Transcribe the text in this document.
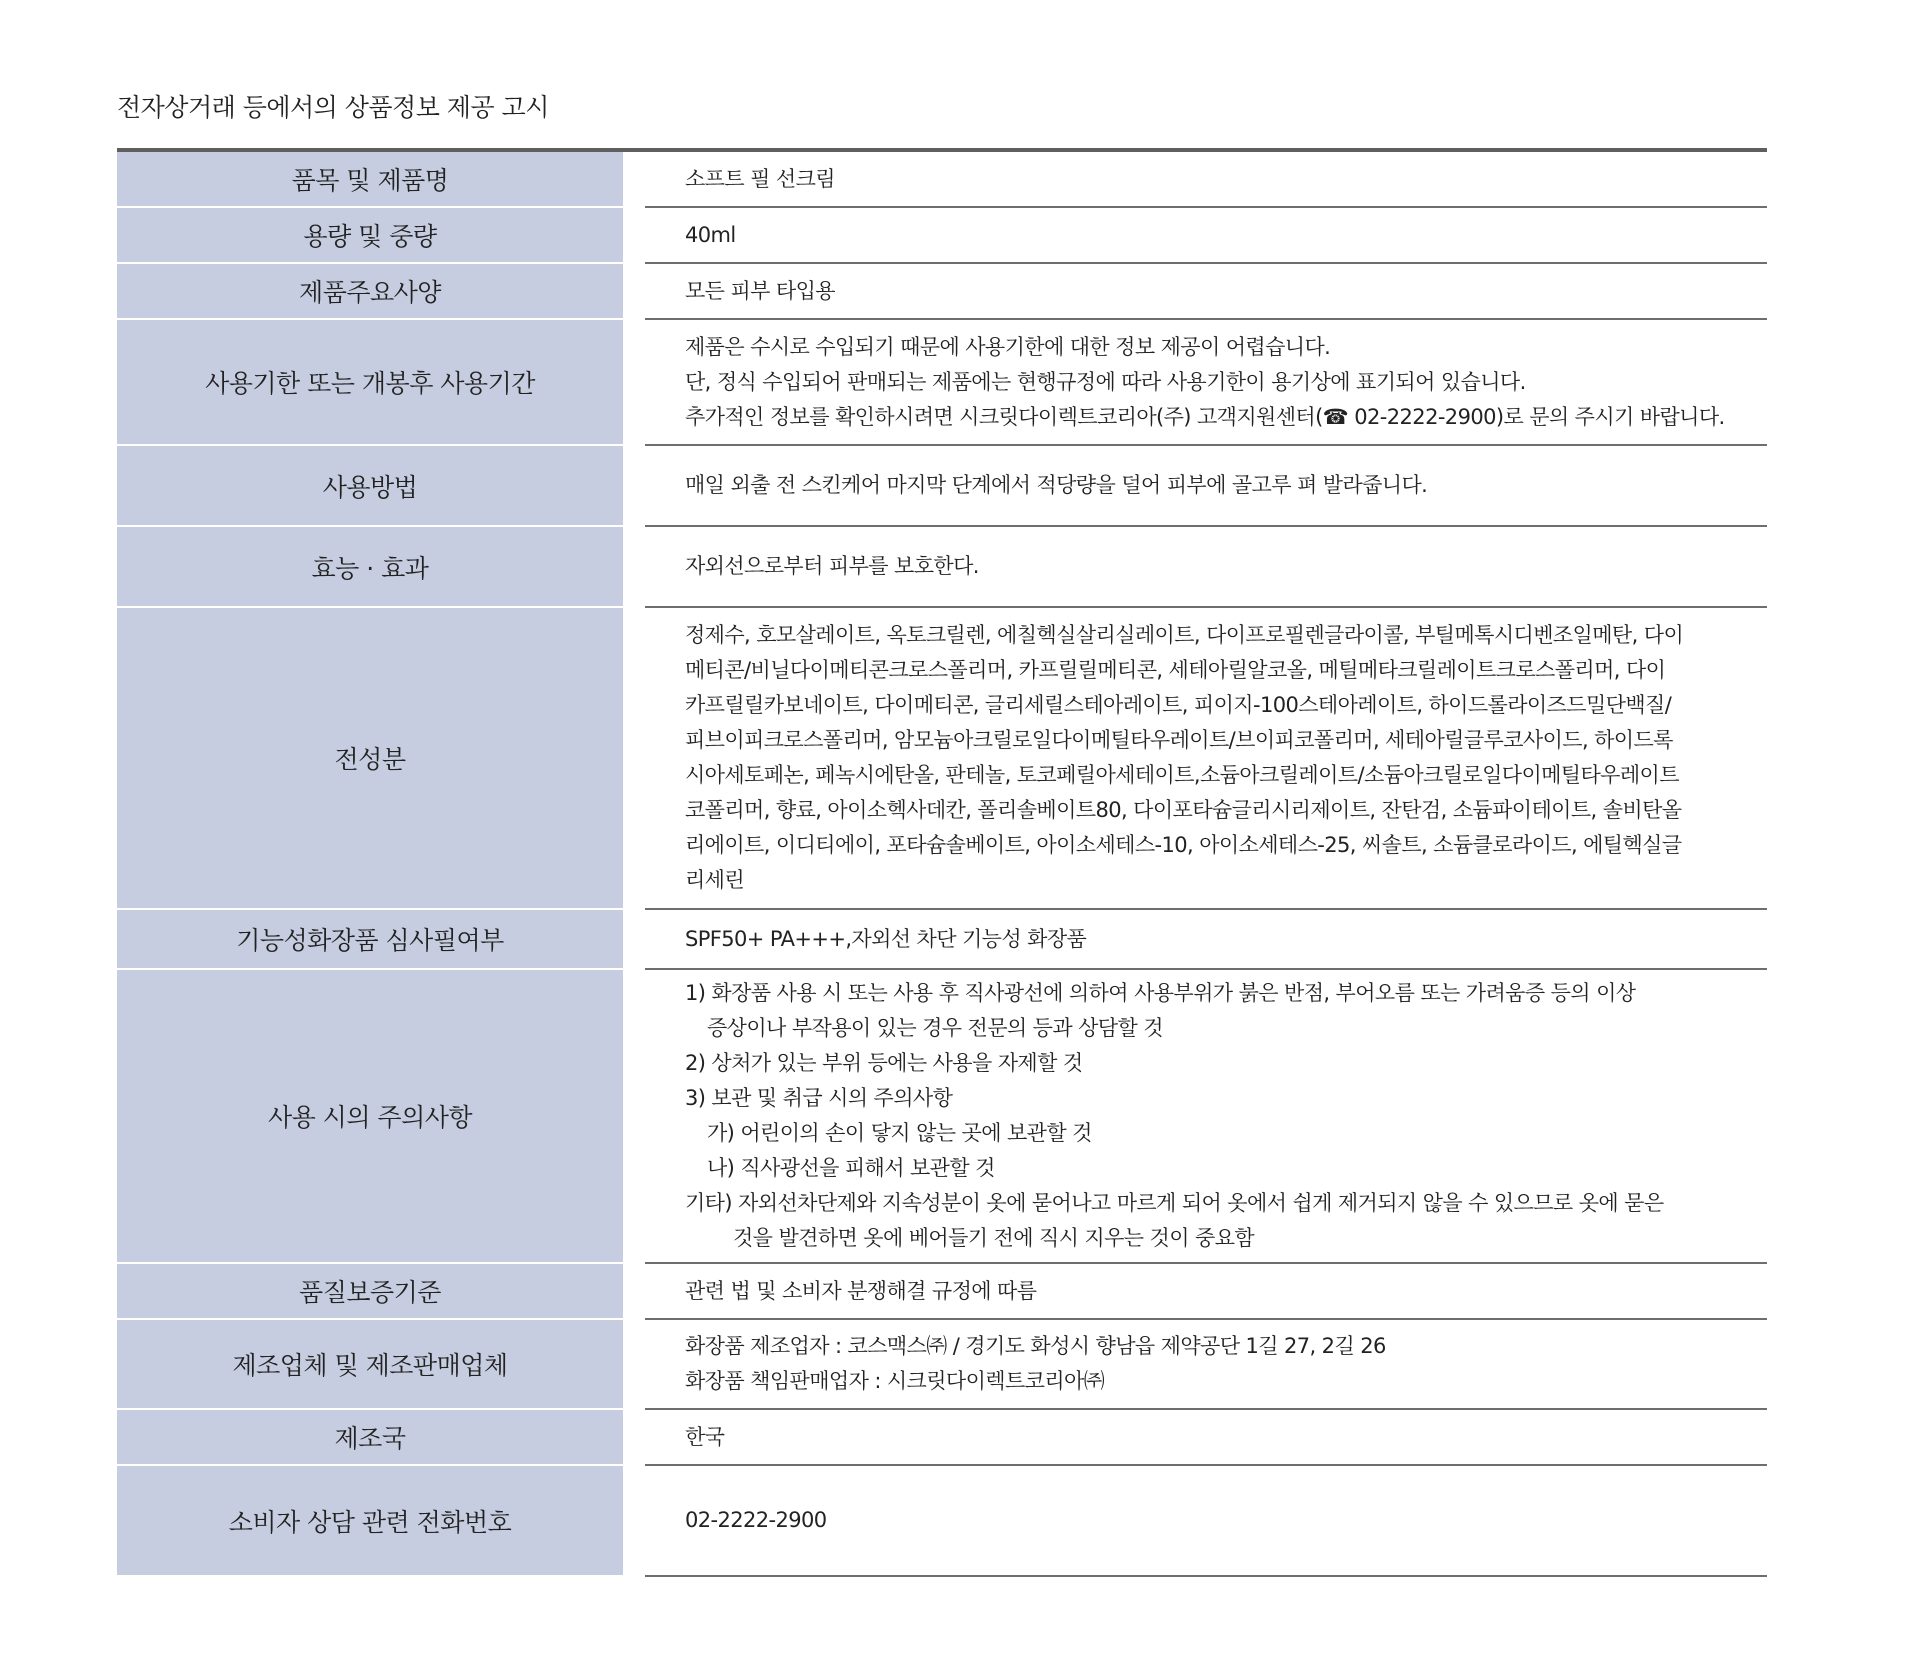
전자상거래 등에서의 상품정보 제공 고시
품목 및 제품명	소프트 필 선크림
용량 및 중량	40ml
제품주요사양	모든 피부 타입용
사용기한 또는 개봉후 사용기간
제품은 수시로 수입되기 때문에 사용기한에 대한 정보 제공이 어렵습니다.
단, 정식 수입되어 판매되는 제품에는 현행규정에 따라 사용기한이 용기상에 표기되어 있습니다.
추가적인 정보를 확인하시려면 시크릿다이렉트코리아(주) 고객지원센터(☎ 02-2222-2900)로 문의 주시기 바랍니다.
사용방법	매일 외출 전 스킨케어 마지막 단계에서 적당량을 덜어 피부에 골고루 펴 발라줍니다.
효능 · 효과	자외선으로부터 피부를 보호한다.
전성분
정제수, 호모살레이트, 옥토크릴렌, 에칠헥실살리실레이트, 다이프로필렌글라이콜, 부틸메톡시디벤조일메탄, 다이
메티콘/비닐다이메티콘크로스폴리머, 카프릴릴메티콘, 세테아릴알코올, 메틸메타크릴레이트크로스폴리머, 다이
카프릴릴카보네이트, 다이메티콘, 글리세릴스테아레이트, 피이지-100스테아레이트, 하이드롤라이즈드밀단백질/
피브이피크로스폴리머, 암모늄아크릴로일다이메틸타우레이트/브이피코폴리머, 세테아릴글루코사이드, 하이드록
시아세토페논, 페녹시에탄올, 판테놀, 토코페릴아세테이트,소듐아크릴레이트/소듐아크릴로일다이메틸타우레이트
코폴리머, 향료, 아이소헥사데칸, 폴리솔베이트80, 다이포타슘글리시리제이트, 잔탄검, 소듐파이테이트, 솔비탄올
리에이트, 이디티에이, 포타슘솔베이트, 아이소세테스-10, 아이소세테스-25, 씨솔트, 소듐클로라이드, 에틸헥실글
리세린
기능성화장품 심사필여부	SPF50+ PA+++,자외선 차단 기능성 화장품
사용 시의 주의사항
1) 화장품 사용 시 또는 사용 후 직사광선에 의하여 사용부위가 붉은 반점, 부어오름 또는 가려움증 등의 이상
증상이나 부작용이 있는 경우 전문의 등과 상담할 것
2) 상처가 있는 부위 등에는 사용을 자제할 것
3) 보관 및 취급 시의 주의사항
가) 어린이의 손이 닿지 않는 곳에 보관할 것
나) 직사광선을 피해서 보관할 것
기타) 자외선차단제와 지속성분이 옷에 묻어나고 마르게 되어 옷에서 쉽게 제거되지 않을 수 있으므로 옷에 묻은
것을 발견하면 옷에 베어들기 전에 직시 지우는 것이 중요함
품질보증기준	관련 법 및 소비자 분쟁해결 규정에 따름
제조업체 및 제조판매업체
화장품 제조업자 : 코스맥스㈜ / 경기도 화성시 향남읍 제약공단 1길 27, 2길 26
화장품 책임판매업자 : 시크릿다이렉트코리아㈜
제조국	한국
소비자 상담 관련 전화번호	02-2222-2900
